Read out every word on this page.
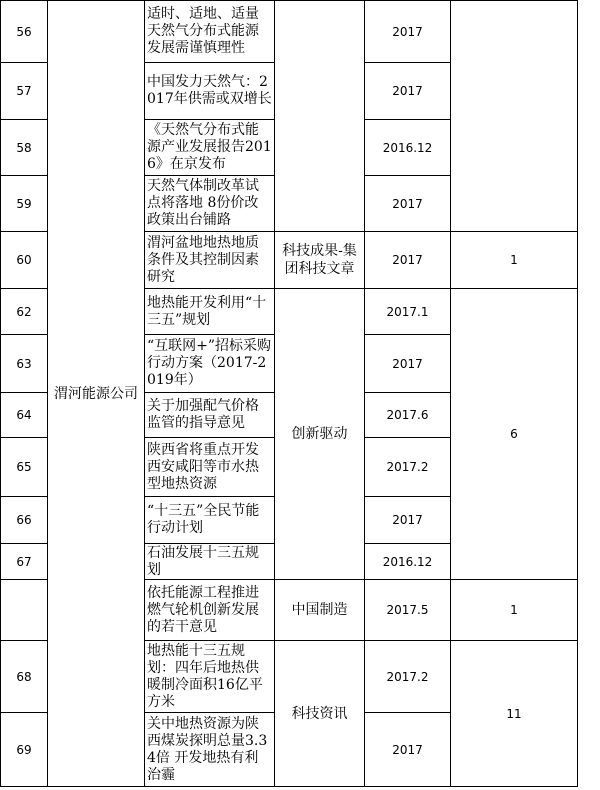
56	渭河能源公司	适时、适地、适量天然气分布式能源发展需谨慎理性		2017	
57		中国发力天然气：2017年供需或双增长		2017	
58		《天然气分布式能源产业发展报告2016》在京发布		2016.12	
59		天然气体制改革试点将落地 8份价改政策出台铺路		2017	
60		渭河盆地地热地质条件及其控制因素研究	科技成果-集团科技文章	2017	1
62		地热能开发利用“十三五”规划	创新驱动	2017.1	6
63		“互联网+”招标采购行动方案（2017-2019年）		2017	
64		关于加强配气价格监管的指导意见		2017.6	
65		陕西省将重点开发西安咸阳等市水热型地热资源		2017.2	
66		“十三五”全民节能行动计划		2017	
67		石油发展十三五规划		2016.12	
		依托能源工程推进燃气轮机创新发展的若干意见	中国制造	2017.5	1
68		地热能十三五规划：四年后地热供暖制冷面积16亿平方米	科技资讯	2017.2	11
69		关中地热资源为陕西煤炭探明总量3.34倍 开发地热有利治霾		2017	
